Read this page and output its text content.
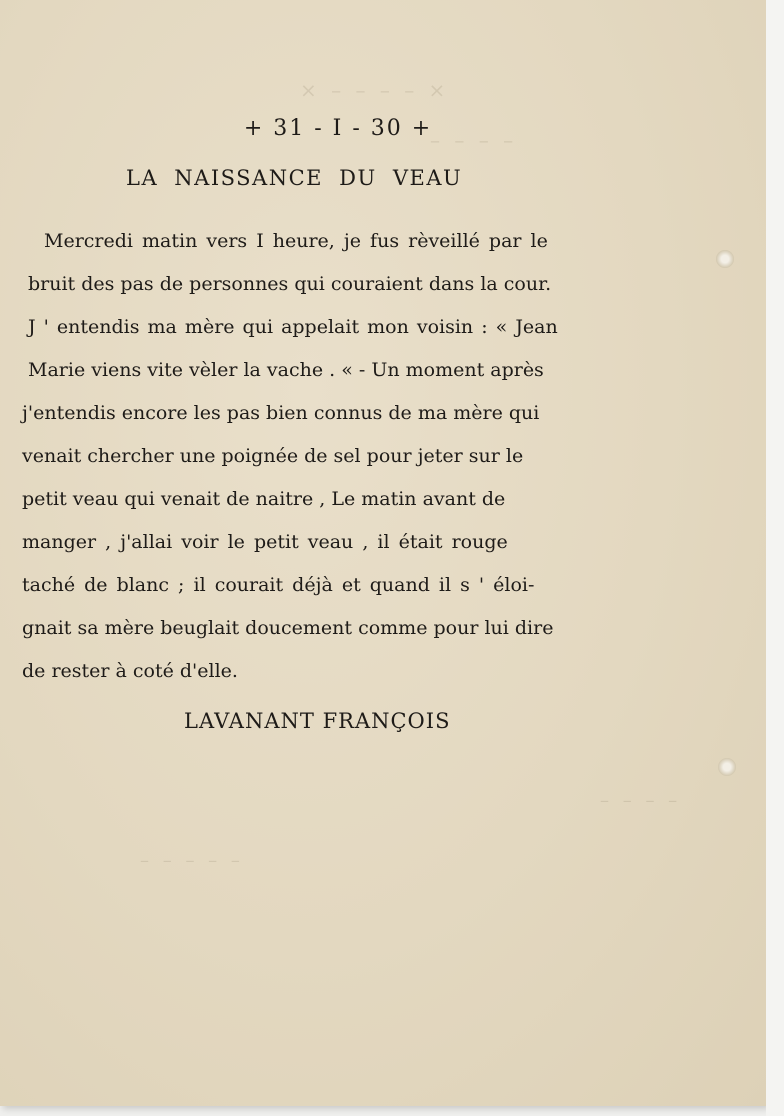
× – – – – ×
– – – –
– – – –
– – – – –
+ 31 - I - 30 +
LA NAISSANCE DU VEAU
Mercredi matin vers I heure, je fus rèveillé par le
bruit des pas de personnes qui couraient dans la cour.
J ' entendis ma mère qui appelait mon voisin : « Jean
Marie viens vite vèler la vache . « - Un moment après
j'entendis encore les pas bien connus de ma mère qui
venait chercher une poignée de sel pour jeter sur le
petit veau qui venait de naitre , Le matin avant de
manger , j'allai voir le petit veau , il était rouge
taché de blanc ; il courait déjà et quand il s ' éloi-
gnait sa mère beuglait doucement comme pour lui dire
de rester à coté d'elle.
LAVANANT FRANÇOIS
